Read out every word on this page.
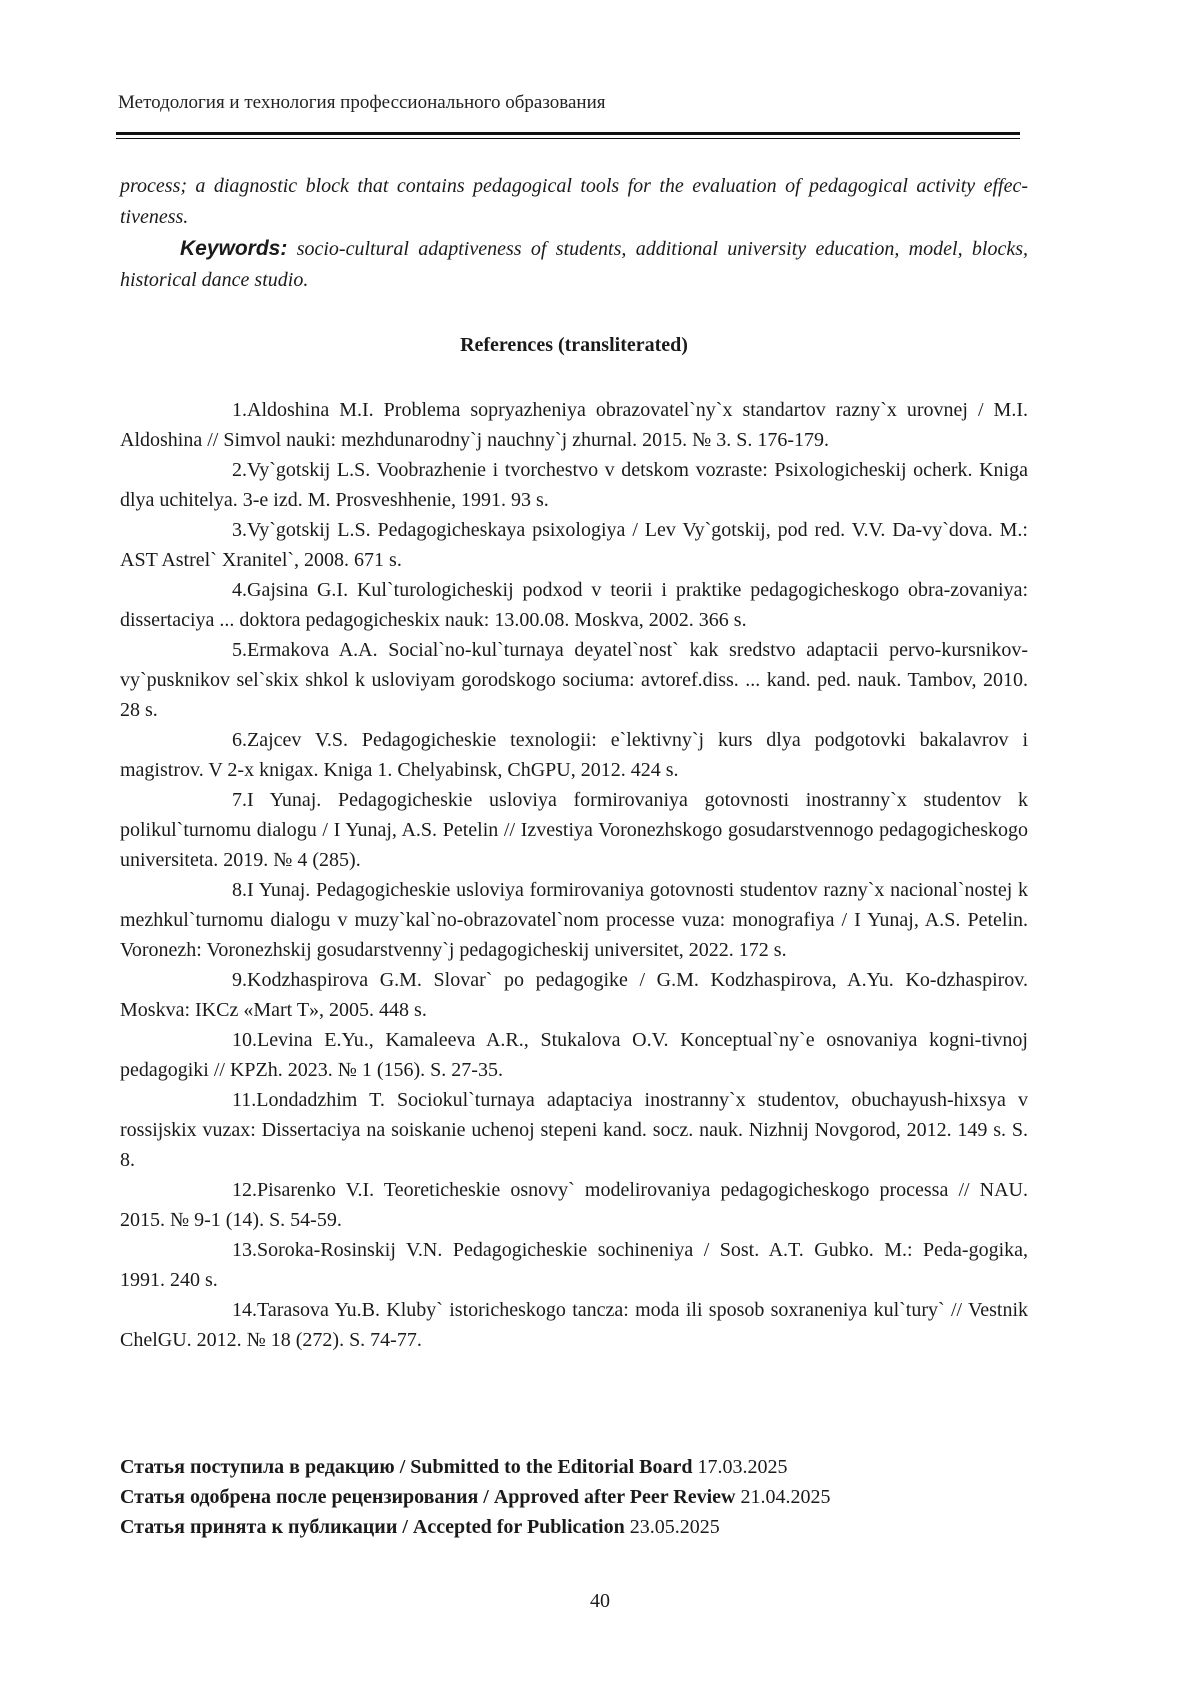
Методология и технология профессионального образования

process; a diagnostic block that contains pedagogical tools for the evaluation of pedagogical activity effec-tiveness.

Keywords: socio-cultural adaptiveness of students, additional university education, model, blocks, historical dance studio.

References (transliterated)
1.Aldoshina M.I. Problema sopryazheniya obrazovatel`ny`x standartov razny`x urovnej / M.I. Aldoshina // Simvol nauki: mezhdunarodny`j nauchny`j zhurnal. 2015. № 3. S. 176-179.
2.Vy`gotskij L.S. Voobrazhenie i tvorchestvo v detskom vozraste: Psixologicheskij ocherk. Kniga dlya uchitelya. 3-e izd. M. Prosveshhenie, 1991. 93 s.
3.Vy`gotskij L.S. Pedagogicheskaya psixologiya / Lev Vy`gotskij, pod red. V.V. Da-vy`dova. M.: AST Astrel` Xranitel`, 2008. 671 s.
4.Gajsina G.I. Kul`turologicheskij podxod v teorii i praktike pedagogicheskogo obra-zovaniya: dissertaciya ... doktora pedagogicheskix nauk: 13.00.08. Moskva, 2002. 366 s.
5.Ermakova A.A. Social`no-kul`turnaya deyatel`nost` kak sredstvo adaptacii pervo-kursnikov-vy`pusknikov sel`skix shkol k usloviyam gorodskogo sociuma: avtoref.diss. ... kand. ped. nauk. Tambov, 2010. 28 s.
6.Zajcev V.S. Pedagogicheskie texnologii: e`lektivny`j kurs dlya podgotovki bakalavrov i magistrov. V 2-x knigax. Kniga 1. Chelyabinsk, ChGPU, 2012. 424 s.
7.I Yunaj. Pedagogicheskie usloviya formirovaniya gotovnosti inostranny`x studentov k polikul`turnomu dialogu / I Yunaj, A.S. Petelin // Izvestiya Voronezhskogo gosudarstvennogo pedagogicheskogo universiteta. 2019. № 4 (285).
8.I Yunaj. Pedagogicheskie usloviya formirovaniya gotovnosti studentov razny`x nacional`nostej k mezhkul`turnomu dialogu v muzy`kal`no-obrazovatel`nom processe vuza: monografiya / I Yunaj, A.S. Petelin. Voronezh: Voronezhskij gosudarstvenny`j pedagogicheskij universitet, 2022. 172 s.
9.Kodzhaspirova G.M. Slovar` po pedagogike / G.M. Kodzhaspirova, A.Yu. Ko-dzhaspirov. Moskva: IKCz «Mart T», 2005. 448 s.
10.Levina E.Yu., Kamaleeva A.R., Stukalova O.V. Konceptual`ny`e osnovaniya kogni-tivnoj pedagogiki // KPZh. 2023. № 1 (156). S. 27-35.
11.Londadzhim T. Sociokul`turnaya adaptaciya inostranny`x studentov, obuchayush-hixsya v rossijskix vuzax: Dissertaciya na soiskanie uchenoj stepeni kand. socz. nauk. Nizhnij Novgorod, 2012. 149 s. S. 8.
12.Pisarenko V.I. Teoreticheskie osnovy` modelirovaniya pedagogicheskogo processa // NAU. 2015. № 9-1 (14). S. 54-59.
13.Soroka-Rosinskij V.N. Pedagogicheskie sochineniya / Sost. A.T. Gubko. M.: Peda-gogika, 1991. 240 s.
14.Tarasova Yu.B. Kluby` istoricheskogo tancza: moda ili sposob soxraneniya kul`tury` // Vestnik ChelGU. 2012. № 18 (272). S. 74-77.
Статья поступила в редакцию / Submitted to the Editorial Board 17.03.2025
Статья одобрена после рецензирования / Approved after Peer Review 21.04.2025
Статья принята к публикации / Accepted for Publication 23.05.2025
40
